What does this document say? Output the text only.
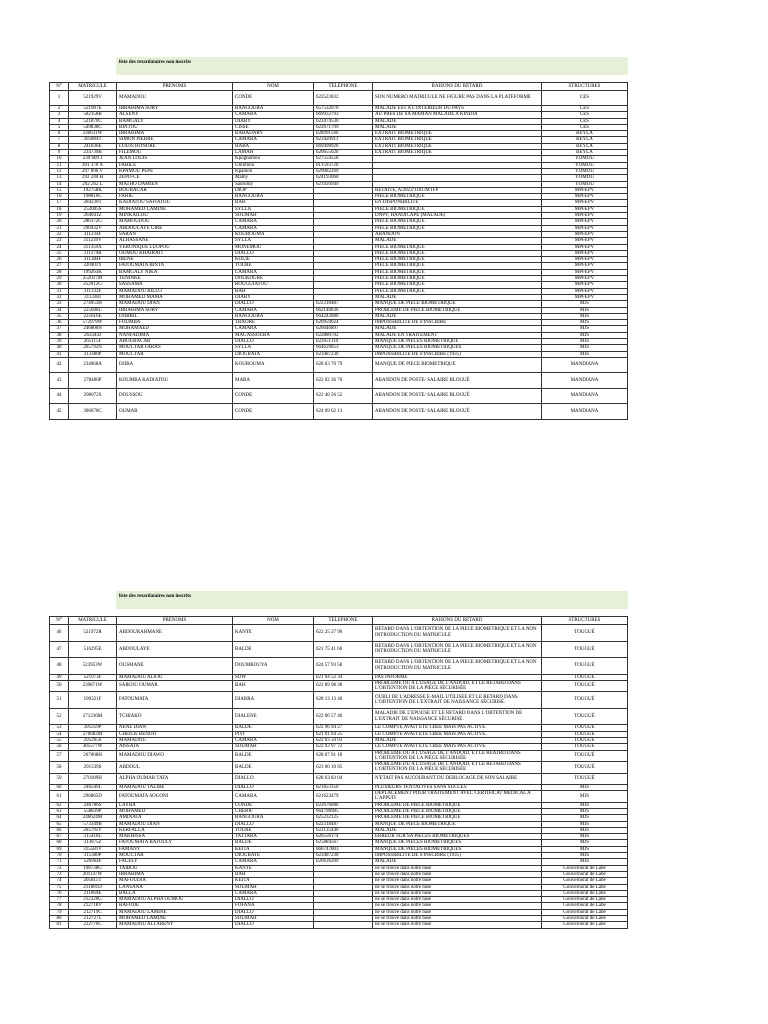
liste des retardataires non inscrits
N°	MATRICULE	PRENOMS	NOM	TELEPHONE	RAISONS DU RETARD	STRUCTURES
1	521929V	MAMADOU	CONDE	622522832	SON NUMERO MATRICULE NE FIGURE PAS DANS LA PLATEFORME	CES
2	521907E	IBRAHIMA SORY	BANGOURA	657532070	MALADE EST A L'INTERIEUR DU PAYS	CES
3	582158B	ALSENY	CAMARA	669932793	AU PRES DE SA MAMAN MALADE A KINDIA	CES
4	521870C	BAMGALY	DIABY	623474530	MALADE	CES
5	549838C	BINTOU	CISSE	622671799	MALADE	CES
6	236631W	IBRAHIMA	BAHADARY	628991566	EXTRAIT BIOMETRIQUE	BEYLA
7	305804T	SIMON PIERRE	CAMARA	623420911	EXTRAIT BIOMETRIQUE	BEYLA
8	241836E	LOUIS HONORE	HABA	669498926	EXTRAIT BIOMETRIQUE	BEYLA
9	234739B	FILEMOU	LAMAH	620655026	EXTRAIT BIOMETRIQUE	BEYLA
10	239 609 J	JEAN LOUIS	Kpoghomou	627554558		YOMOU
11	201 370 X	FABILE	Gbilimou	611593720		YOMOU
12	297 896 V	KPAMOU PEPE	Kpamou	629082269		YOMOU
13	292 240 H	ZEPO-CE	Mamy	624193060		YOMOU
14	292 262 L	MATHO DAMIEN	Saoromy	621920949		YOMOU
15	192758K	BOUBACAR	DIOP		RETAITE, A/2023/1181/MTFP	MPFEPV
16	198816C	FARIE	BANGOURA		PIECE BIOMETRIQUE	MPFEPV
17	284230T	KADIATOU SAFIATOU	BAH		EN DISPONIBILITE	MPFEPV
18	252005S	MOHAMED LAMINE	SYLLA		PIECE BIOMETRIQUE	MPFEPV
19	264041Z	MINKAILOU	SOUMAH		DNPV, HANDICAPE (MALADE)	MPFEPV
20	286372G	MAMOUDOU	CAMARA		PIECE BIOMETRIQUE	MPFEPV
21	290432V	ABDOULAYE CIRE	CAMARA		PIECE BIOMETRIQUE	MPFEPV
22	311234F	SARAN	KOUROUMA		ABANDON	MPFEPV
23	311239V	ALHASSANE	SYLLA		MALADE	MPFEPV
24	311359X	VERONIQUE LUOPOU	MONEMOU		PIECE BIOMETRIQUE	MPFEPV
25	311379B	OUMOU KHAIRATI	DIALLO		PIECE BIOMETRIQUE	MPFEPV
26	311384F	IRENE	KOLIE		PIECE BIOMETRIQUE	MPFEPV
27	320401Y	FATOUMATA BINTA	TOURE		PIECE BIOMETRIQUE	MPFEPV
28	199263K	BAMGALY NIKA	CAMARA		PIECE BIOMETRIQUE	MPFEPV
29	252017M	TENINKE	DOUKOURE		PIECE BIOMETRIQUE	MPFEPV
30	252012G	SASSAMA	ROUGUIATOU		PIECE BIOMETRIQUE	MPFEPV
31	311332F	MAMADOU BILLO	BAH		PIECE BIOMETRIQUE	MPFEPV
32	311338J	MOHAMED MAMA	DIABY		MALADE	MPFEPV
33	274953H	MAMADOU DIAN	DIALLO	622318487	MANQUE DE PIECE BIOMETRIQUE	MJS
34	225608L	IBRAHIMA SORY	CAMARA	662140636	PROBLEME DE PIECE BIOMETRIQUE	MJS
35	225616E	DJIBRIL	BANGOURA	664242886	MALADE	MJS
36	572979W	FOUMBA	TRAORE	620959024	IMPOSSIBILITE DE S'INSCRIRE	MJS
37	246806N	MOHAMAED	CAMARA	626046897	MALADE	MJS
38	263344J	NANFADIMA	MAGASSOUBA	622880702	MALADE EN TRAITEMENT	MJS
39	265115F	ABOUBACAR	DIALLO	622651110	MANQUE DE PIECES BIOMETRIQUE	MJS
40	265792N	MOUCTAR FARAS	SYLLA	664620053	MANQUE DE PIECES BIOMETRIQUES	MJS
41	313380P	MOUCTAR	DIOUBATA	623487230	IMPOSSIBILITE DE S'INSCRIRE (1935)	MJS
42	234068A	DJIBA	KOUROUMA	628 63 70 79	MANQUE DE PIECE BIOMETRIQUE	MANDIANA
43	278486P	KOUMBA KADIATOU	MARA	622 02 36 76	ABANDON DE POSTE/ SALAIRE BLOGUÉ	MANDIANA
44	290072S	DOUSSOU	CONDE	622 40 56 52	ABANDON DE POSTE/ SALAIRE BLOGUÉ	MANDIANA
45	306070C	OUMAR	CONDE	624 09 62 13	ABANDON DE POSTE/ SALAIRE BLOGUÉ	MANDIANA
liste des retardataires non inscrits
N°	MATRICULE	PRENOMS	NOM	TELEPHONE	RAISONS DU RETARD	STRUCTURES
46	521972R	ABDOURAHMANE	KANTE	622 25 27 96	RETARD DANS L'OBTENTION DE LA PIECE BIOMETRIQUE ET LA NON INTRODUCTION DU MATRICULE	TOUGUÉ
47	516295E	ABDOULAYE	BALDE	621 75 41 60	RETARD DANS L'OBTENTION DE LA PIECE BIOMETRIQUE ET LA NON INTRODUCTION DU MATRICULE	TOUGUÉ
48	523953W	OUSMANE	DOUMBOUYA	624 57 93 58	RETARD DANS L'OBTENTION DE LA PIECE BIOMETRIQUE ET LA NON INTRODUCTION DU MATRICULE	TOUGUÉ
49	521973F	MAMADOU ALIOU	SOW	621 94 52 34	PAS INFORME	TOUGUÉ
50	239871W	SAIKOU OUMAR	BAH	622 89 98 38	PROBLEME DÛ A L'USAGE DE L'ANDOID, ET LE RETARD DANS L'OBTENTION DE LA PIÈCE SÉCURISÉE	TOUGUÉ
51	199321F	FATOUMATA	DIARRA	628 13 13 46	OUBLI DE L'ADRESSE E-MAIL UTILISEE ET LE RETARD DANS L'OBTENTION DE L'EXTRAIT DE NAISSANCE SÉCURISÉ.	TOUGUÉ
52	271236M	TCHIAKO	DIALENE	622 06 57 46	MALADIE DE L'EPOUSE ET LE RETARD DANS L'OBTENTION DE L'EXTRAIT DE NAISSANCE SÉCURISÉ.	TOUGUÉ
53	391259P	NENE DIAN	BALDE	622 96 94 27	LE COMPTE AVAIT ETE CREE MAIS PAS ACTIVE.	TOUGUÉ
54	276682M	CHEICK BENOIT	PIVI	621 01 64 25	LE COMPTE AVAIT ETE CREE MAIS PAS ACTIVE.	TOUGUÉ
55	295205S	MAMADOU	CAMARA	622 03 34 03	MALADE	TOUGUÉ
56	305577W	AISSATA	SOUMAH	622 93 97 72	LE COMPTE AVAIT ETE CREE MAIS PAS ACTIVE.	TOUGUÉ
57	267008H	MAMADOU DIAWO	BALDE	628 67 91 18	PROBLEME DÛ A L'USAGE DE L'ANDOID, ET LE REATRD DANS L'OBTENTION DE LA PIÈCE SÉCURISÉE	TOUGUÉ
58	291539S	ABDOUL	BALDE	623 60 10 95	PROBLEME DÛ A L'USAGE DE L'ANDOID, ET LE RETARD DANS L'OBTENTION DE LA PIÈCE SÉCURISÉE	TOUGUÉ
59	270189H	ALPHA OUMAR TATA	DIALLO	628 63 83 04	N'ETAIT PAS AUCOURANT DU DEBLOCAGE DE SON SALAIRE	TOUGUÉ
60	246549L	MAMADOU TALIBE	DIALLO	621853350	PLUSIEURS TENTATIVES SANS SUCCES	MJS
61	296865D	FATOUMATA SOGONI	CAMARA	621623479	DEPLACEMENT POUR TRAITEMENT AVEC CERTIFICAT MEDICAL A L'APPUIT	MJS
62	246786S	LAYBA	CONDE	622676086	PROBLEME DE PIECE BIOMETRIQUE	MJS
63	558839P	MOHAMED	CHERIF	664798985	PROBLEME DE PIECE BIOMETRIQUE	MJS
64	246624M	AMINATA	BANGOURA	625232125	PROBLEME DE PIECE BIOMETRIQUE	MJS
65	573349B	MAMADOU DIAN	DIALLO	622318487	MANQUE DE PIECE BIOMETRIQUE	MJS
66	265795Y	KERFALLA	TOURE	622135440	MALADE	MJS
67	315418L	MAKHISSA	TATTARA	626556174	ERREUR SUR SA PIECES BIOMETRIQUES	MJS
68	313075Z	FATOUMATA BATOULY	BALDE	625884567	MANQUE DE PIECES BIOMETRIQUES	MJS
69	315581V	FAMANY	KEITA	666747803	MANQUE DE PIECES BIOMETRIQUES	MJS
70	315380P	MOUCTAR	DIOUBATE	623487230	IMPOSSIBILITE DE S'INSCRIRE (1935)	MJS
71	526964F	FACELY	CAMARA	626636209	MALADE	MJS
72	198738G	TAIBOU	KANTE		ne se trouve dans notre base	Gouvernorat de Labé
73	201147W	IBRAHIMA	BAH		ne se trouve dans notre base	Gouvernorat de Labé
74	205815T	MAFOUDIA	KEITA		ne se trouve dans notre base	Gouvernorat de Labé
75	211801D	LANSANA	SOUMAH		ne se trouve dans notre base	Gouvernorat de Labé
76	211869E	BALLA	CAMARA		ne se trouve dans notre base	Gouvernorat de Labé
77	212320G	MAMADOU ALPHA OUMOU	DIALLO		ne se trouve dans notre base	Gouvernorat de Labé
78	212718V	BAFODE	FOFANA		ne se trouve dans notre base	Gouvernorat de Labé
79	212719C	MAMADOU LAMINE	DIALLO		ne se trouve dans notre base	Gouvernorat de Labé
80	212727L	MOHAMED LAMINE	SOUMAH		ne se trouve dans notre base	Gouvernorat de Labé
81	222776C	MAMADOU ALI ARENY	DIALLO		ne se trouve dans notre base	Gouvernorat de Labé
